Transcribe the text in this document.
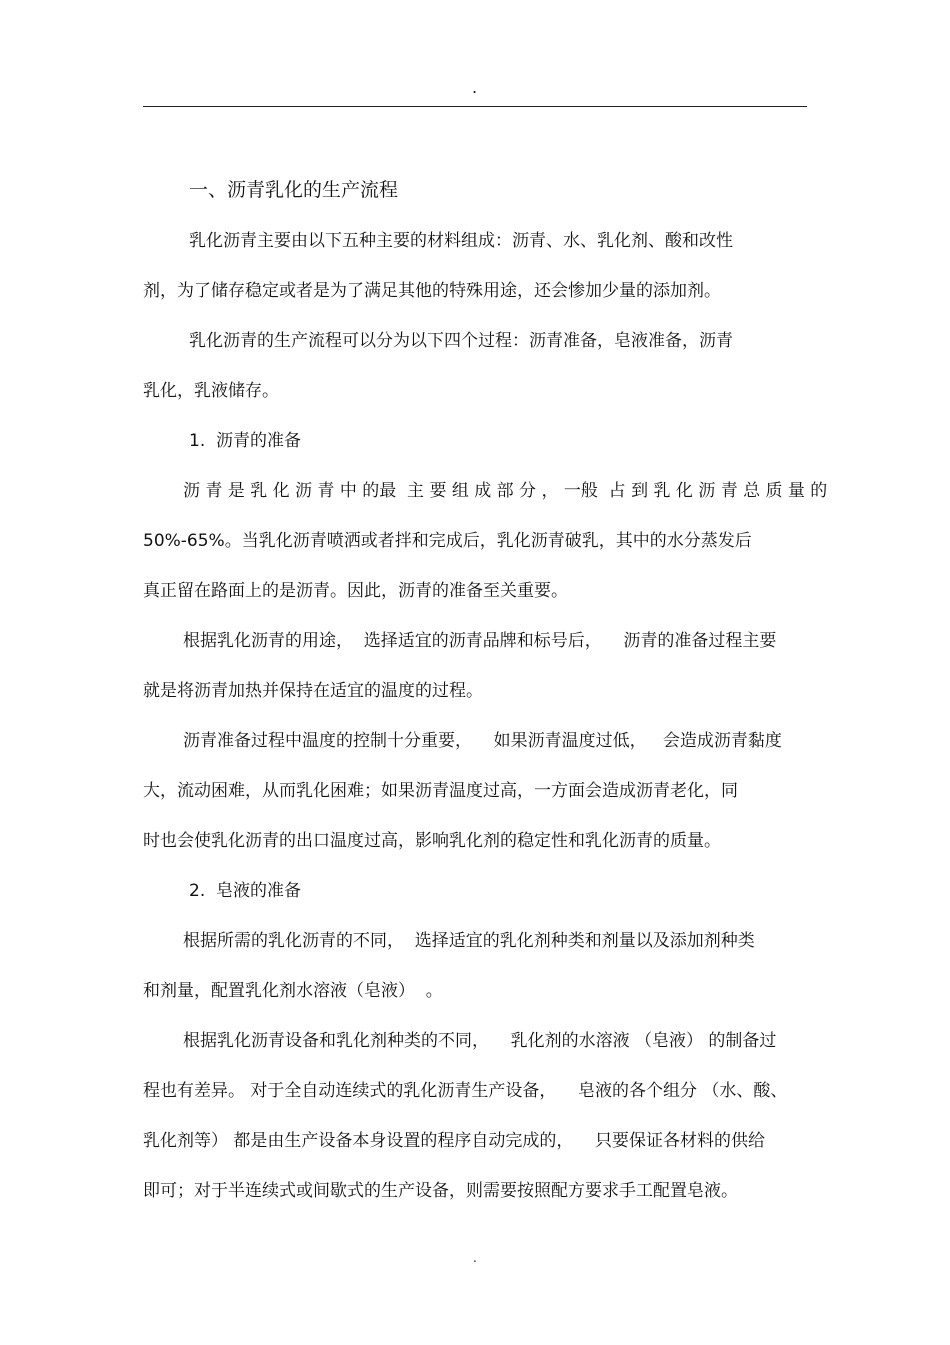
.

一、沥青乳化的生产流程

乳化沥青主要由以下五种主要的材料组成：沥青、水、乳化剂、酸和改性

剂，为了储存稳定或者是为了满足其他的特殊用途，还会惨加少量的添加剂。

乳化沥青的生产流程可以分为以下四个过程：沥青准备，皂液准备，沥青

乳化，乳液储存。

1.  沥青的准备

沥 青 是 乳 化 沥 青 中 的最  主 要 组 成 部 分 ， 一般  占 到 乳 化 沥 青 总 质 量 的

50%-65%。当乳化沥青喷洒或者拌和完成后，乳化沥青破乳，其中的水分蒸发后

真正留在路面上的是沥青。因此，沥青的准备至关重要。

根据乳化沥青的用途，  选择适宜的沥青品牌和标号后，    沥青的准备过程主要

就是将沥青加热并保持在适宜的温度的过程。

沥青准备过程中温度的控制十分重要，    如果沥青温度过低，   会造成沥青黏度

大，流动困难，从而乳化困难；如果沥青温度过高，一方面会造成沥青老化，同

时也会使乳化沥青的出口温度过高，影响乳化剂的稳定性和乳化沥青的质量。

2.  皂液的准备

根据所需的乳化沥青的不同，  选择适宜的乳化剂种类和剂量以及添加剂种类

和剂量，配置乳化剂水溶液（皂液）  。

根据乳化沥青设备和乳化剂种类的不同，    乳化剂的水溶液 （皂液） 的制备过

程也有差异。 对于全自动连续式的乳化沥青生产设备，    皂液的各个组分 （水、酸、

乳化剂等） 都是由生产设备本身设置的程序自动完成的，    只要保证各材料的供给

即可；对于半连续式或间歇式的生产设备，则需要按照配方要求手工配置皂液。

.
